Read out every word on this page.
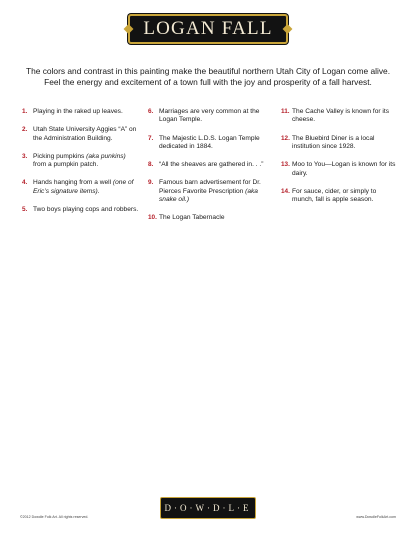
LOGAN FALL
The colors and contrast in this painting make the beautiful northern Utah City of Logan come alive.
Feel the energy and excitement of a town full with the joy and prosperity of a fall harvest.
1. Playing in the raked up leaves.
2. Utah State University Aggies “A” on the Administration Building.
3. Picking pumpkins (aka punkins)
from a pumpkin patch.
4. Hands hanging from a well (one of Eric’s signature items).
5. Two boys playing cops and robbers.
6. Marriages are very common at the Logan Temple.
7. The Majestic L.D.S. Logan Temple dedicated in 1884.
8. “All the sheaves are gathered in. . .”
9. Famous barn advertisement for Dr. Pierces Favorite Prescription (aka snake oil.)
10. The Logan Tabernacle
11. The Cache Valley is known for its cheese.
12. The Bluebird Diner is a local institution since 1928.
13. Moo to You—Logan is known for its dairy.
14. For sauce, cider, or simply to munch, fall is apple season.
D·O·W·D·L·E
©2012 Dowdle Folk Art. All rights reserved.	www.DowdleFolkArt.com
